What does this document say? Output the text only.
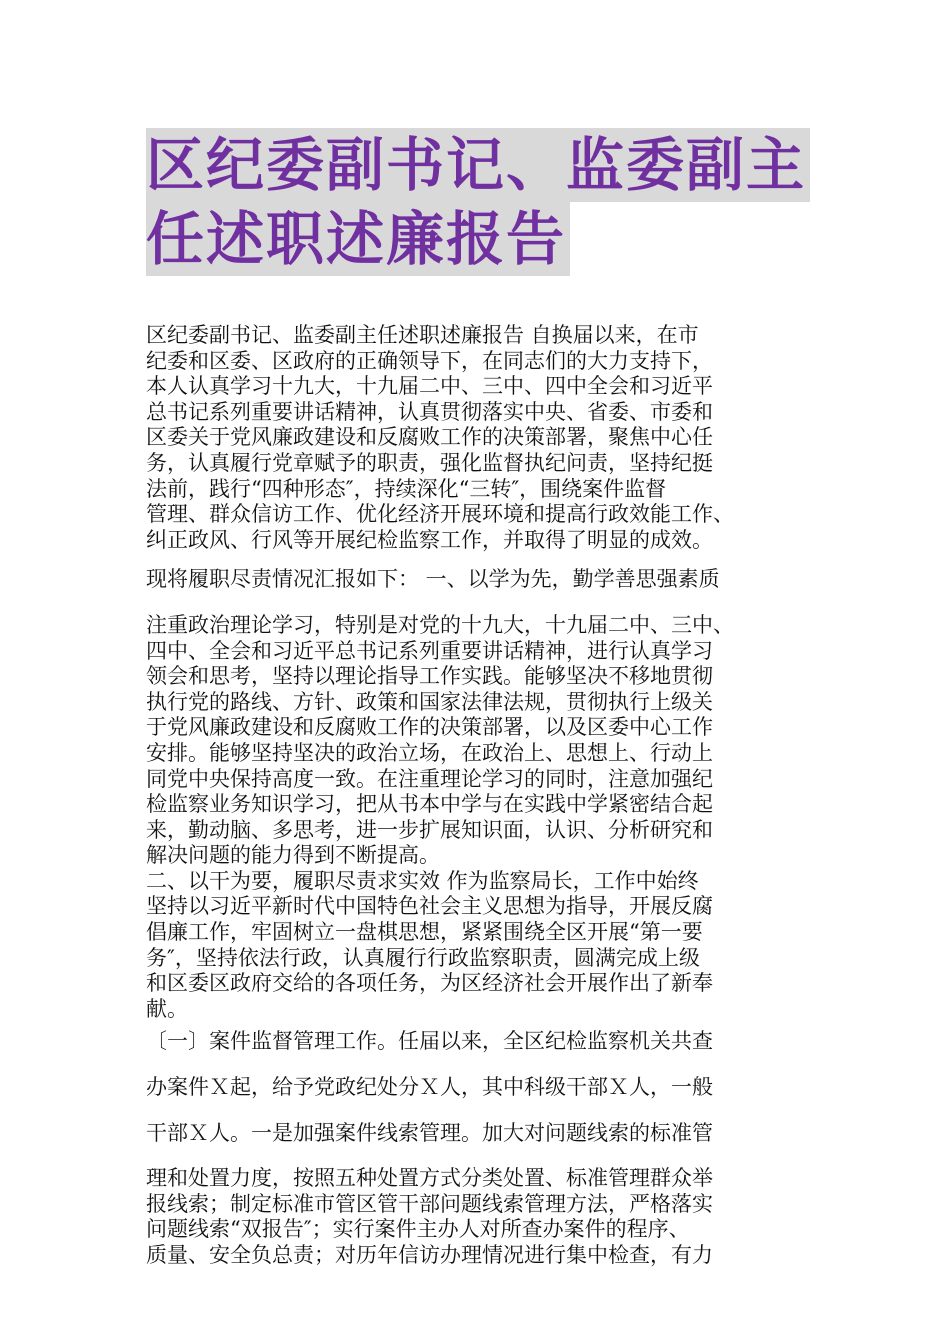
区纪委副书记、监委副主
任述职述廉报告
区纪委副书记、监委副主任述职述廉报告 自换届以来，在市
纪委和区委、区政府的正确领导下，在同志们的大力支持下，
本人认真学习十九大，十九届二中、三中、四中全会和习近平
总书记系列重要讲话精神，认真贯彻落实中央、省委、市委和
区委关于党风廉政建设和反腐败工作的决策部署，聚焦中心任
务，认真履行党章赋予的职责，强化监督执纪问责，坚持纪挺
法前，践行“四种形态″，持续深化“三转″，围绕案件监督
管理、群众信访工作、优化经济开展环境和提高行政效能工作、
纠正政风、行风等开展纪检监察工作，并取得了明显的成效。
现将履职尽责情况汇报如下： 一、以学为先，勤学善思强素质
注重政治理论学习，特别是对党的十九大，十九届二中、三中、
四中、全会和习近平总书记系列重要讲话精神，进行认真学习
领会和思考，坚持以理论指导工作实践。能够坚决不移地贯彻
执行党的路线、方针、政策和国家法律法规，贯彻执行上级关
于党风廉政建设和反腐败工作的决策部署，以及区委中心工作
安排。能够坚持坚决的政治立场，在政治上、思想上、行动上
同党中央保持高度一致。在注重理论学习的同时，注意加强纪
检监察业务知识学习，把从书本中学与在实践中学紧密结合起
来，勤动脑、多思考，进一步扩展知识面，认识、分析研究和
解决问题的能力得到不断提高。
二、以干为要，履职尽责求实效 作为监察局长，工作中始终
坚持以习近平新时代中国特色社会主义思想为指导，开展反腐
倡廉工作，牢固树立一盘棋思想，紧紧围绕全区开展“第一要
务″，坚持依法行政，认真履行行政监察职责，圆满完成上级
和区委区政府交给的各项任务，为区经济社会开展作出了新奉
献。
〔一〕案件监督管理工作。任届以来，全区纪检监察机关共查
办案件Ｘ起，给予党政纪处分Ｘ人，其中科级干部Ｘ人，一般
干部Ｘ人。一是加强案件线索管理。加大对问题线索的标准管
理和处置力度，按照五种处置方式分类处置、标准管理群众举
报线索；制定标准市管区管干部问题线索管理方法，严格落实
问题线索“双报告″；实行案件主办人对所查办案件的程序、
质量、安全负总责；对历年信访办理情况进行集中检查，有力
